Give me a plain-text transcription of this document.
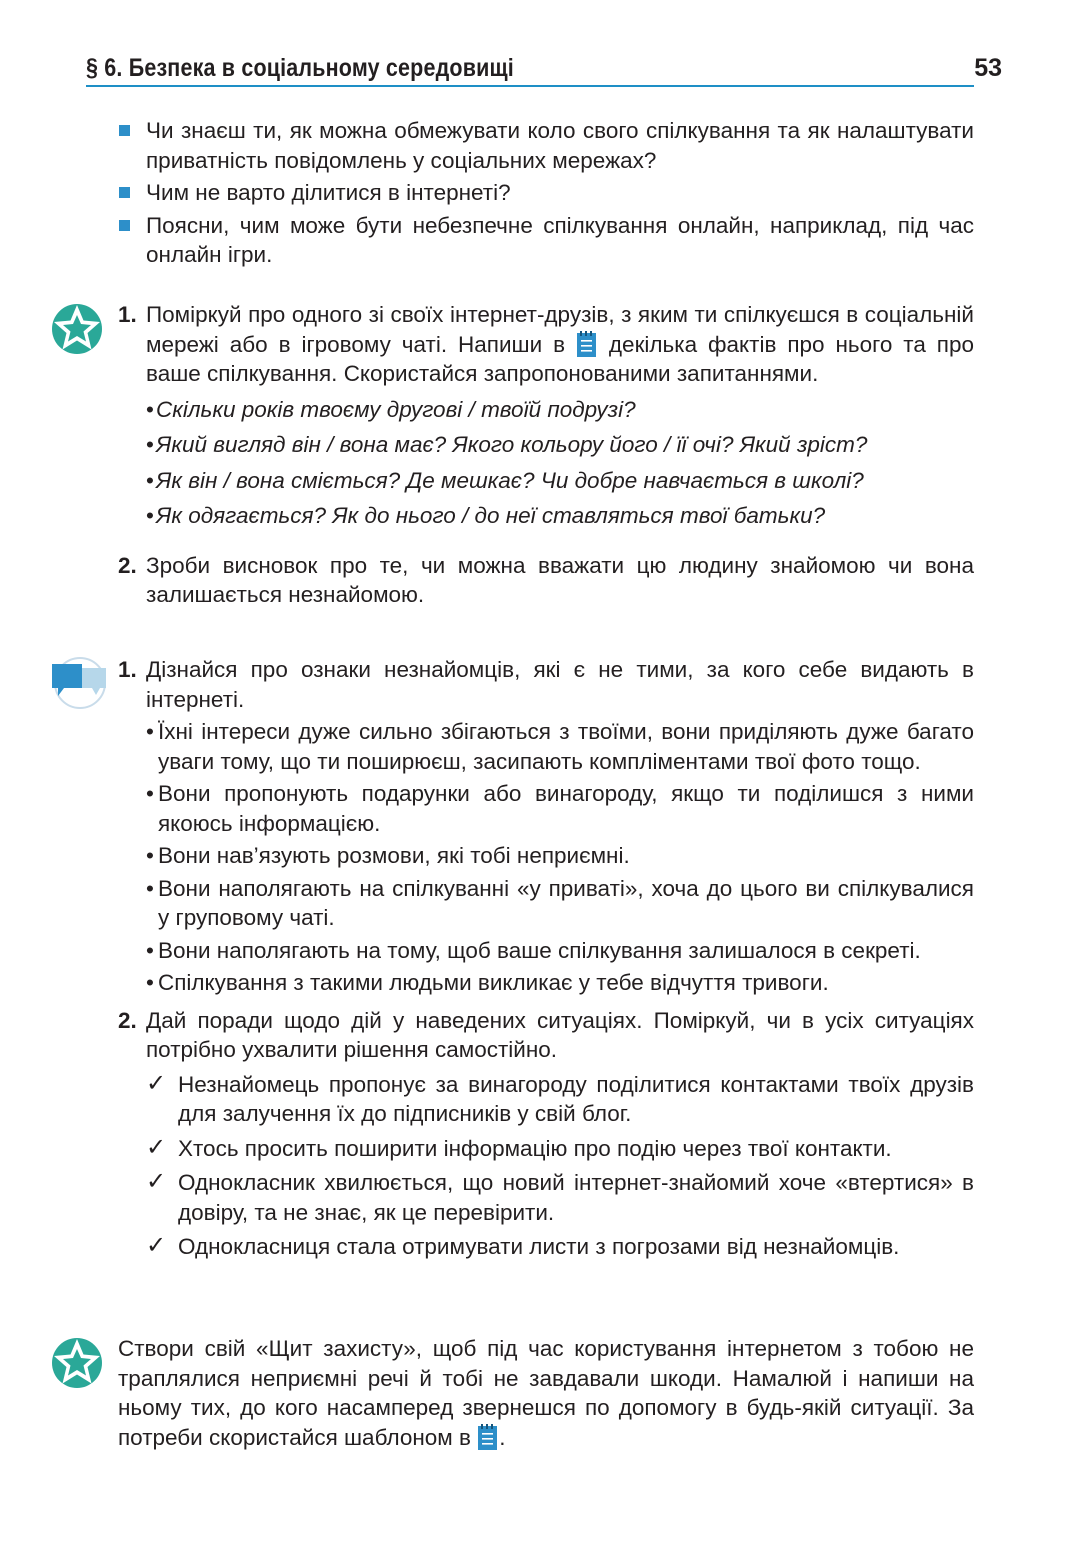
§ 6. Безпека в соціальному середовищі	53
Чи знаєш ти, як можна обмежувати коло свого спілкування та як налаштувати приватність повідомлень у соціальних мережах?
Чим не варто ділитися в інтернеті?
Поясни, чим може бути небезпечне спілкування онлайн, наприклад, під час онлайн ігри.
1. Поміркуй про одного зі своїх інтернет-друзів, з яким ти спілкуєшся в соціальній мережі або в ігровому чаті. Напиши в декілька фактів про нього та про ваше спілкування. Скористайся запропонованими запитаннями.
• Скільки років твоєму другові / твоїй подрузі?
• Який вигляд він / вона має? Якого кольору його / її очі? Який зріст?
• Як він / вона сміється? Де мешкає? Чи добре навчається в школі?
• Як одягається? Як до нього / до неї ставляться твої батьки?
2. Зроби висновок про те, чи можна вважати цю людину знайомою чи вона залишається незнайомою.
1. Дізнайся про ознаки незнайомців, які є не тими, за кого себе видають в інтернеті.
• Їхні інтереси дуже сильно збігаються з твоїми, вони приділяють дуже багато уваги тому, що ти поширюєш, засипають компліментами твої фото тощо.
• Вони пропонують подарунки або винагороду, якщо ти поділишся з ними якоюсь інформацією.
• Вони нав’язують розмови, які тобі неприємні.
• Вони наполягають на спілкуванні «у приваті», хоча до цього ви спілкувалися у груповому чаті.
• Вони наполягають на тому, щоб ваше спілкування залишалося в секреті.
• Спілкування з такими людьми викликає у тебе відчуття тривоги.
2. Дай поради щодо дій у наведених ситуаціях. Поміркуй, чи в усіх ситуаціях потрібно ухвалити рішення самостійно.
✓ Незнайомець пропонує за винагороду поділитися контактами твоїх друзів для залучення їх до підписників у свій блог.
✓ Хтось просить поширити інформацію про подію через твої контакти.
✓ Однокласник хвилюється, що новий інтернет-знайомий хоче «втертися» в довіру, та не знає, як це перевірити.
✓ Однокласниця стала отримувати листи з погрозами від незнайомців.
Створи свій «Щит захисту», щоб під час користування інтернетом з тобою не траплялися неприємні речі й тобі не завдавали шкоди. Намалюй і напиши на ньому тих, до кого насамперед звернешся по допомогу в будь-якій ситуації. За потреби скористайся шаблоном в .
